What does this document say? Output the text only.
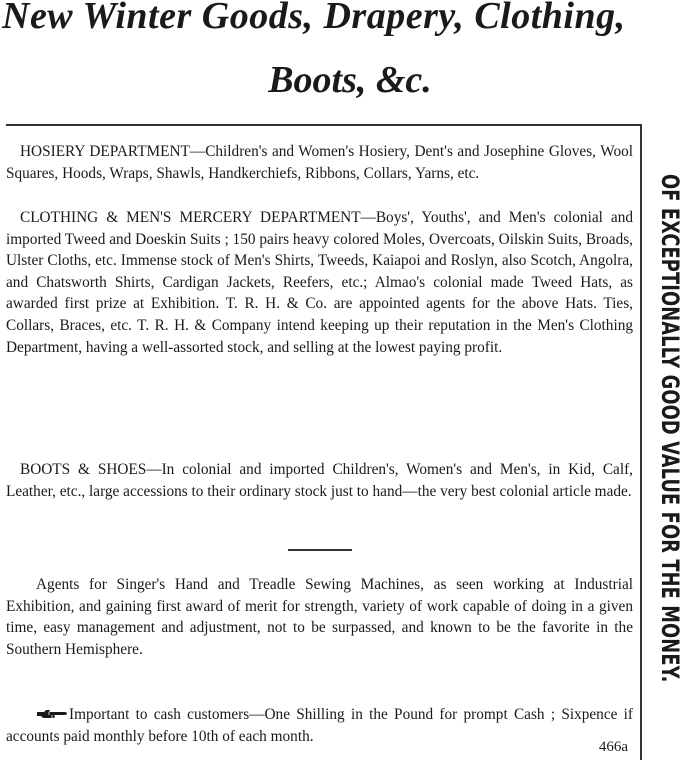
New Winter Goods, Drapery, Clothing,
Boots, &c.

HOSIERY DEPARTMENT—Children's and Women's Hosiery, Dent's and Josephine Gloves, Wool Squares, Hoods, Wraps, Shawls, Handkerchiefs, Ribbons, Collars, Yarns, etc.

CLOTHING & MEN'S MERCERY DEPARTMENT—Boys', Youths', and Men's colonial and imported Tweed and Doeskin Suits ; 150 pairs heavy colored Moles, Overcoats, Oilskin Suits, Broads, Ulster Cloths, etc. Immense stock of Men's Shirts, Tweeds, Kaiapoi and Roslyn, also Scotch, Angolra, and Chatsworth Shirts, Cardigan Jackets, Reefers, etc.; Almao's colonial made Tweed Hats, as awarded first prize at Exhibition. T. R. H. & Co. are appointed agents for the above Hats. Ties, Collars, Braces, etc. T. R. H. & Company intend keeping up their reputation in the Men's Clothing Department, having a well-assorted stock, and selling at the lowest paying profit.

BOOTS & SHOES—In colonial and imported Children's, Women's and Men's, in Kid, Calf, Leather, etc., large accessions to their ordinary stock just to hand—the very best colonial article made.

Agents for Singer's Hand and Treadle Sewing Machines, as seen working at Industrial Exhibition, and gaining first award of merit for strength, variety of work capable of doing in a given time, easy management and adjustment, not to be surpassed, and known to be the favorite in the Southern Hemisphere.

Important to cash customers—One Shilling in the Pound for prompt Cash ; Sixpence if accounts paid monthly before 10th of each month.

466a

OF EXCEPTIONALLY GOOD VALUE FOR THE MONEY.
